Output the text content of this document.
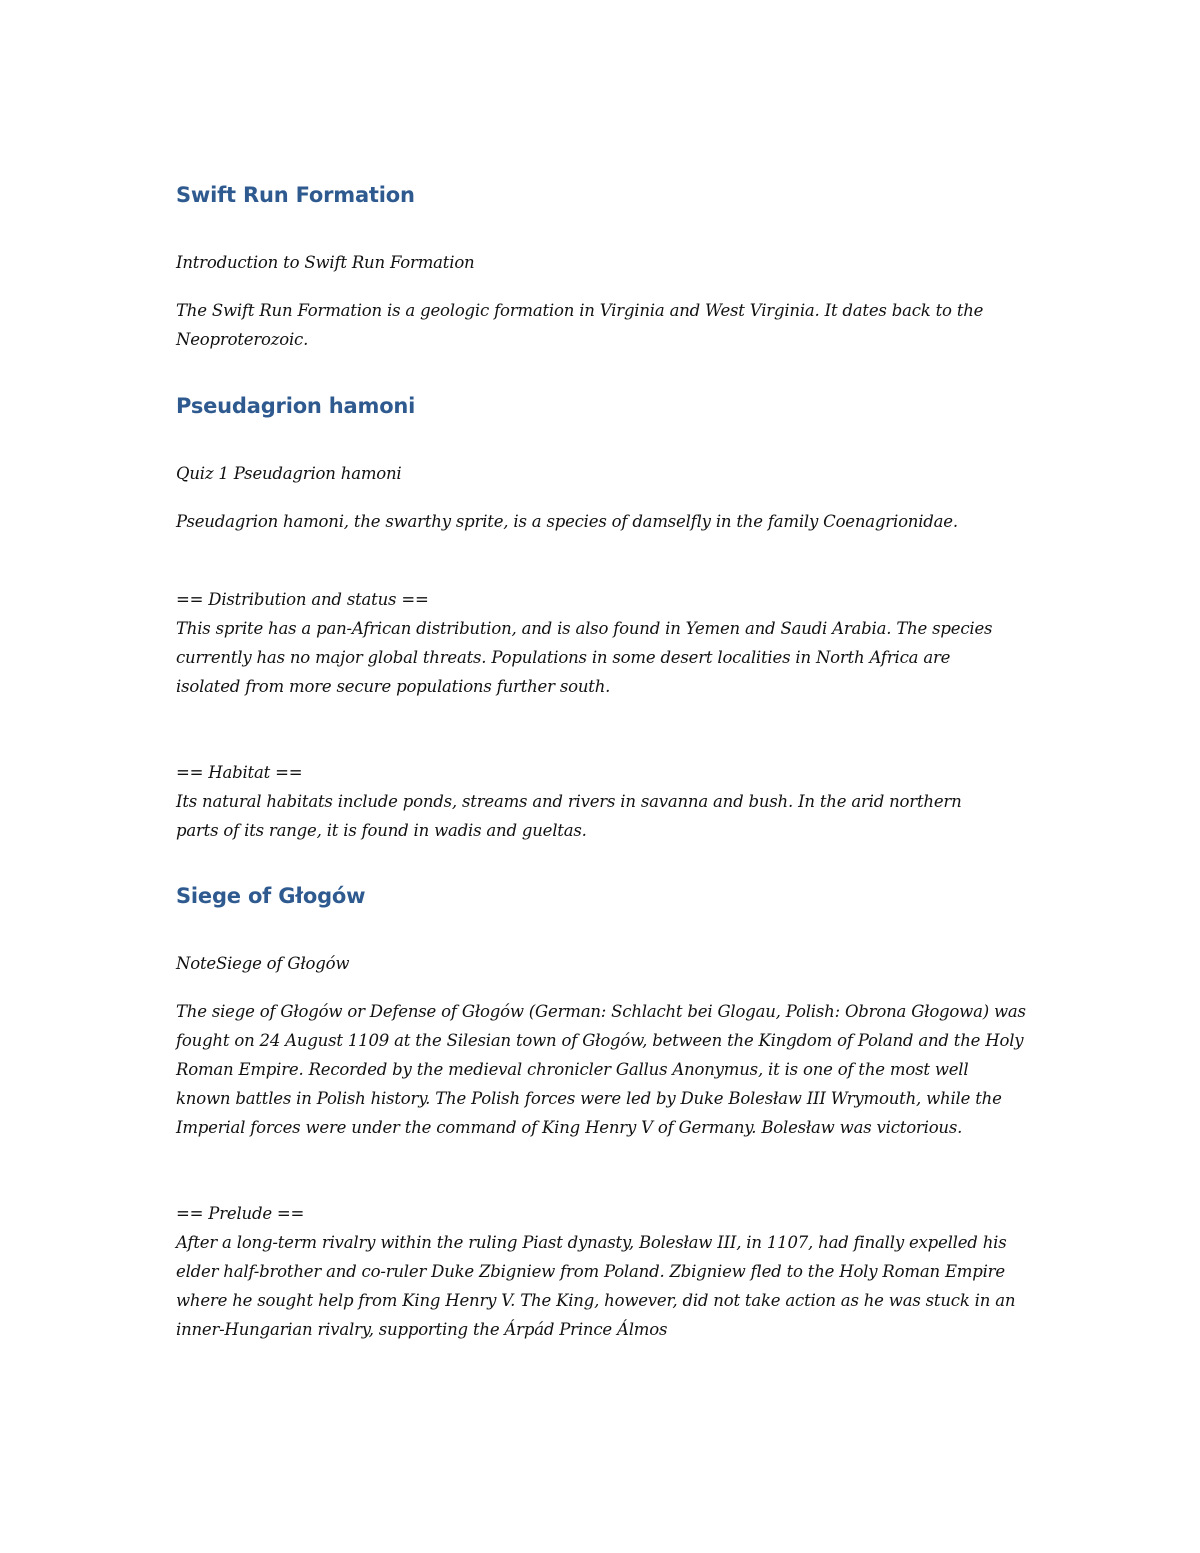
Swift Run Formation

Introduction to Swift Run Formation

The Swift Run Formation is a geologic formation in Virginia and West Virginia. It dates back to the Neoproterozoic.

Pseudagrion hamoni

Quiz 1 Pseudagrion hamoni

Pseudagrion hamoni, the swarthy sprite, is a species of damselfly in the family Coenagrionidae.

== Distribution and status ==

This sprite has a pan-African distribution, and is also found in Yemen and Saudi Arabia. The species currently has no major global threats. Populations in some desert localities in North Africa are isolated from more secure populations further south.

== Habitat ==

Its natural habitats include ponds, streams and rivers in savanna and bush. In the arid northern parts of its range, it is found in wadis and gueltas.

Siege of Głogów

NoteSiege of Głogów

The siege of Głogów or Defense of Głogów (German: Schlacht bei Glogau, Polish: Obrona Głogowa) was fought on 24 August 1109 at the Silesian town of Głogów, between the Kingdom of Poland and the Holy Roman Empire. Recorded by the medieval chronicler Gallus Anonymus, it is one of the most well known battles in Polish history. The Polish forces were led by Duke Bolesław III Wrymouth, while the Imperial forces were under the command of King Henry V of Germany. Bolesław was victorious.

== Prelude ==

After a long-term rivalry within the ruling Piast dynasty, Bolesław III, in 1107, had finally expelled his elder half-brother and co-ruler Duke Zbigniew from Poland. Zbigniew fled to the Holy Roman Empire where he sought help from King Henry V. The King, however, did not take action as he was stuck in an inner-Hungarian rivalry, supporting the Árpád Prince Álmos
